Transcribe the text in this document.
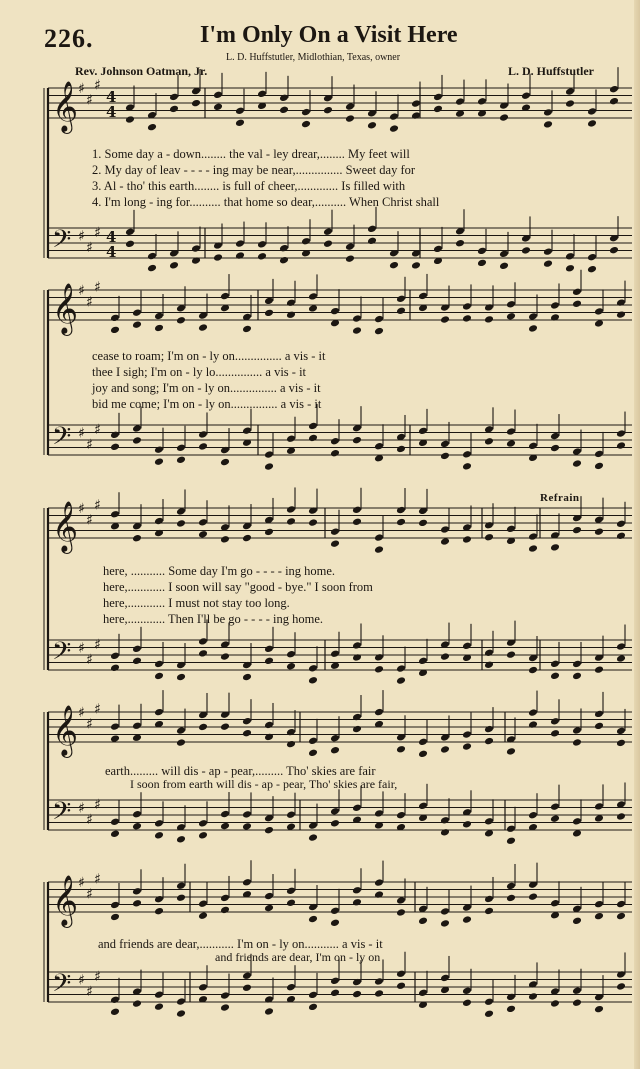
226.	I'm Only On a Visit Here
L. D. Huffstutler, Midlothian, Texas, owner
Rev. Johnson Oatman, Jr.	L. D. Huffstutler
Refrain
𝄞 ♯
♯
♯
4
4
𝄢 ♯
♯
♯ 4
4
𝄞 ♯
♯
♯
𝄢 ♯
♯
♯
𝄞 ♯
♯
♯
𝄢 ♯
♯
♯
𝄞 ♯
♯
♯
𝄢 ♯
♯
♯
𝄞 ♯
♯
♯
𝄢 ♯
♯
♯
1. Some day a - down........ the val - ley drear,........ My feet will
2. My day of leav - - - - ing may be near,............... Sweet day for
3. Al - tho' this earth........ is full of cheer,............. Is filled with
4. I'm long - ing for.......... that home so dear,.......... When Christ shall
cease to roam; I'm on - ly on............... a vis - it
thee I sigh; I'm on - ly lo............... a vis - it
joy and song; I'm on - ly on............... a vis - it
bid me come; I'm on - ly on............... a vis - it
here, ........... Some day I'm go - - - - ing home.
here,............ I soon will say "good - bye." I soon from
here,............ I must not stay too long.
here,............ Then I'll be go - - - - ing home.
earth......... will dis - ap - pear,......... Tho' skies are fair
I soon from earth will dis - ap - pear, Tho' skies are fair,
and friends are dear,........... I'm on - ly on........... a vis - it
and friends are dear, I'm on - ly on
